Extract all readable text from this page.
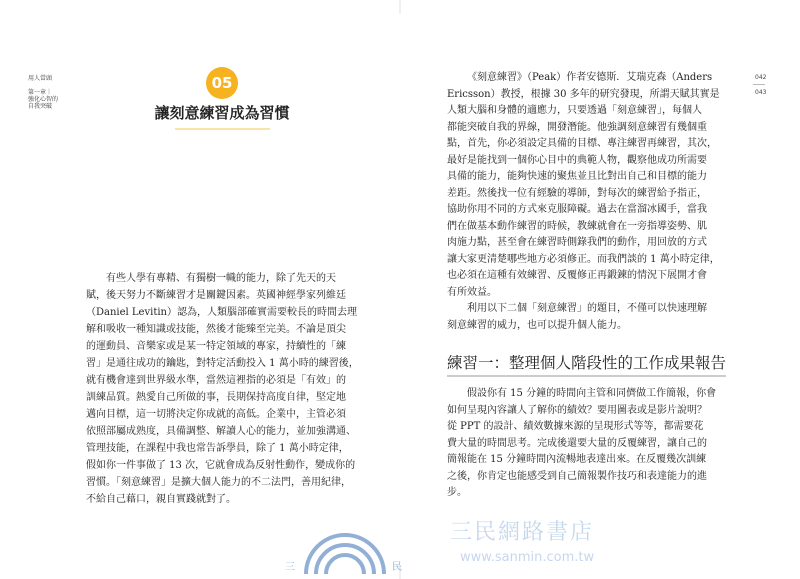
用人當頭
第一章｜
強化心智的
自我突破
05
讓刻意練習成為習慣
有些人學有專精、有獨樹一幟的能力，除了先天的天
賦，後天努力不斷練習才是關鍵因素。英國神經學家列維廷
（Daniel Levitin）認為，人類腦部確實需要較長的時間去理
解和吸收一種知識或技能，然後才能臻至完美。不論是頂尖
的運動員、音樂家或是某一特定領域的專家，持續性的「練
習」是通往成功的鑰匙，對特定活動投入 1 萬小時的練習後，
就有機會達到世界級水準，當然這裡指的必須是「有效」的
訓練品質。熱愛自己所做的事，長期保持高度自律，堅定地
邁向目標，這一切將決定你成就的高低。企業中，主管必須
依照部屬成熟度，具備調整、解讀人心的能力，並加強溝通、
管理技能，在課程中我也常告訴學員，除了 1 萬小時定律，
假如你一件事做了 13 次，它就會成為反射性動作，變成你的
習慣。「刻意練習」是擴大個人能力的不二法門，善用紀律，
不給自己藉口，親自實踐就對了。
042
043
《刻意練習》（Peak）作者安德斯．艾瑞克森（Anders
Ericsson）教授，根據 30 多年的研究發現，所謂天賦其實是
人類大腦和身體的適應力，只要透過「刻意練習」，每個人
都能突破自我的界線，開發潛能。他強調刻意練習有幾個重
點，首先，你必須設定具備的目標、專注練習再練習，其次，
最好是能找到一個你心目中的典範人物，觀察他成功所需要
具備的能力，能夠快速的聚焦並且比對出自己和目標的能力
差距。然後找一位有經驗的導師，對每次的練習給予指正，
協助你用不同的方式來克服障礙。過去在當溜冰國手，當我
們在做基本動作練習的時候，教練就會在一旁指導姿勢、肌
肉施力點，甚至會在練習時側錄我們的動作，用回放的方式
讓大家更清楚哪些地方必須修正。而我們談的 1 萬小時定律，
也必須在這種有效練習、反覆修正再鍛鍊的情況下展開才會
有所效益。
利用以下二個「刻意練習」的題目，不僅可以快速理解
刻意練習的威力，也可以提升個人能力。
練習一：整理個人階段性的工作成果報告
假設你有 15 分鐘的時間向主管和同儕做工作簡報，你會
如何呈現內容讓人了解你的績效？要用圖表或是影片說明？
從 PPT 的設計、績效數據來源的呈現形式等等，都需要花
費大量的時間思考。完成後還要大量的反覆練習，讓自己的
簡報能在 15 分鐘時間內流暢地表達出來。在反覆幾次訓練
之後，你肯定也能感受到自己簡報製作技巧和表達能力的進
步。
三	民
三民網路書店
www.sanmin.com.tw
